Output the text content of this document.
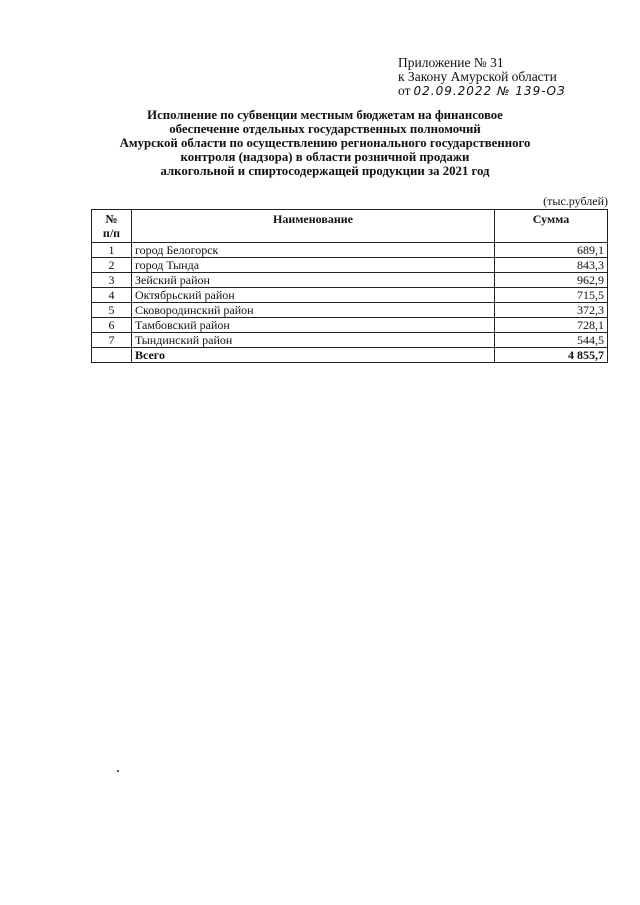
Приложение № 31
к Закону Амурской области
от 02.09.2022 № 139-ОЗ
Исполнение по субвенции местным бюджетам на финансовое
обеспечение отдельных государственных полномочий
Амурской области по осуществлению регионального государственного
контроля (надзора) в области розничной продажи
алкогольной и спиртосодержащей продукции за 2021 год
(тыс.рублей)
№
п/п	Наименование	Сумма
1	город Белогорск	689,1
2	город Тында	843,3
3	Зейский район	962,9
4	Октябрьский район	715,5
5	Сковородинский район	372,3
6	Тамбовский район	728,1
7	Тындинский район	544,5
	Всего	4 855,7
